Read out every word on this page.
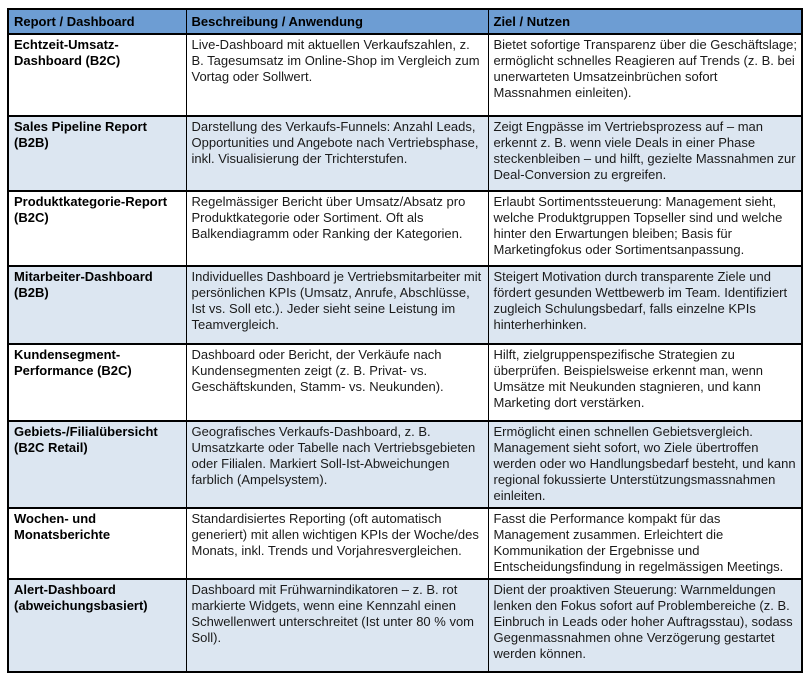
Report / Dashboard	Beschreibung / Anwendung	Ziel / Nutzen
Echtzeit-Umsatz-Dashboard (B2C)	Live-Dashboard mit aktuellen Verkaufszahlen, z. B. Tagesumsatz im Online-Shop im Vergleich zum Vortag oder Sollwert.	Bietet sofortige Transparenz über die Geschäftslage; ermöglicht schnelles Reagieren auf Trends (z. B. bei unerwarteten Umsatzeinbrüchen sofort Massnahmen einleiten).
Sales Pipeline Report (B2B)	Darstellung des Verkaufs-Funnels: Anzahl Leads, Opportunities und Angebote nach Vertriebsphase, inkl. Visualisierung der Trichterstufen.	Zeigt Engpässe im Vertriebsprozess auf – man erkennt z. B. wenn viele Deals in einer Phase steckenbleiben – und hilft, gezielte Massnahmen zur Deal-Conversion zu ergreifen.
Produktkategorie-Report (B2C)	Regelmässiger Bericht über Umsatz/Absatz pro Produktkategorie oder Sortiment. Oft als Balkendiagramm oder Ranking der Kategorien.	Erlaubt Sortimentssteuerung: Management sieht, welche Produktgruppen Topseller sind und welche hinter den Erwartungen bleiben; Basis für Marketingfokus oder Sortimentsanpassung.
Mitarbeiter-Dashboard (B2B)	Individuelles Dashboard je Vertriebsmitarbeiter mit persönlichen KPIs (Umsatz, Anrufe, Abschlüsse, Ist vs. Soll etc.). Jeder sieht seine Leistung im Teamvergleich.	Steigert Motivation durch transparente Ziele und fördert gesunden Wettbewerb im Team. Identifiziert zugleich Schulungsbedarf, falls einzelne KPIs hinterherhinken.
Kundensegment-Performance (B2C)	Dashboard oder Bericht, der Verkäufe nach Kundensegmenten zeigt (z. B. Privat- vs. Geschäftskunden, Stamm- vs. Neukunden).	Hilft, zielgruppenspezifische Strategien zu überprüfen. Beispielsweise erkennt man, wenn Umsätze mit Neukunden stagnieren, und kann Marketing dort verstärken.
Gebiets-/Filialübersicht (B2C Retail)	Geografisches Verkaufs-Dashboard, z. B. Umsatzkarte oder Tabelle nach Vertriebsgebieten oder Filialen. Markiert Soll-Ist-Abweichungen farblich (Ampelsystem).	Ermöglicht einen schnellen Gebietsvergleich. Management sieht sofort, wo Ziele übertroffen werden oder wo Handlungsbedarf besteht, und kann regional fokussierte Unterstützungsmassnahmen einleiten.
Wochen- und Monatsberichte	Standardisiertes Reporting (oft automatisch generiert) mit allen wichtigen KPIs der Woche/des Monats, inkl. Trends und Vorjahresvergleichen.	Fasst die Performance kompakt für das Management zusammen. Erleichtert die Kommunikation der Ergebnisse und Entscheidungsfindung in regelmässigen Meetings.
Alert-Dashboard (abweichungsbasiert)	Dashboard mit Frühwarnindikatoren – z. B. rot markierte Widgets, wenn eine Kennzahl einen Schwellenwert unterschreitet (Ist unter 80 % vom Soll).	Dient der proaktiven Steuerung: Warnmeldungen lenken den Fokus sofort auf Problembereiche (z. B. Einbruch in Leads oder hoher Auftragsstau), sodass Gegenmassnahmen ohne Verzögerung gestartet werden können.
